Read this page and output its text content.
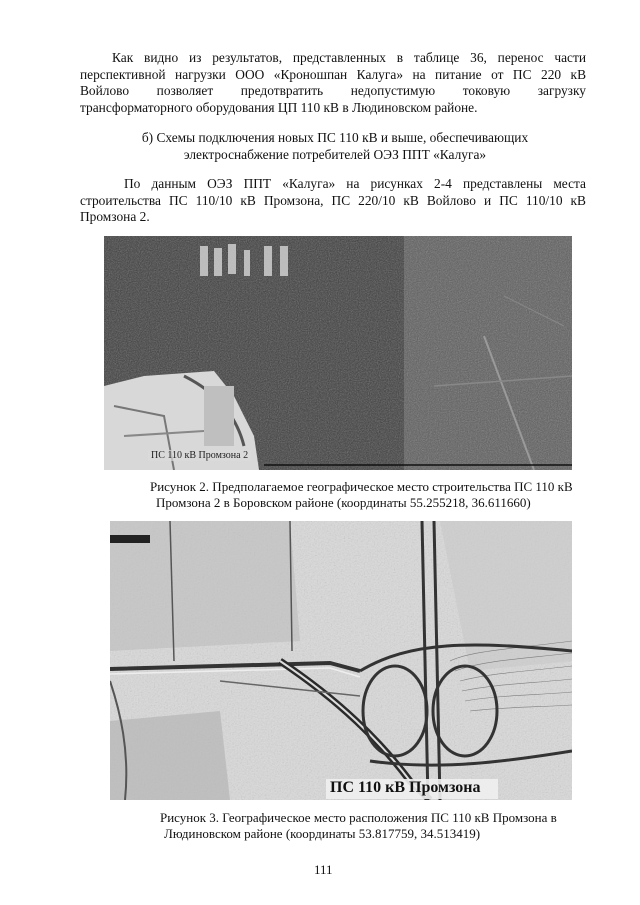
Как видно из результатов, представленных в таблице 36, перенос части
перспективной нагрузки ООО «Кроношпан Калуга» на питание от ПС 220 кВ
Войлово позволяет предотвратить недопустимую токовую загрузку
трансформаторного оборудования ЦП 110 кВ в Людиновском районе.
б) Схемы подключения новых ПС 110 кВ и выше, обеспечивающих
электроснабжение потребителей ОЭЗ ППТ «Калуга»
По данным ОЭЗ ППТ «Калуга» на рисунках 2-4 представлены места
строительства ПС 110/10 кВ Промзона, ПС 220/10 кВ Войлово и ПС 110/10 кВ
Промзона 2.
ПС 110 кВ Промзона 2
Рисунок 2. Предполагаемое географическое место строительства ПС 110 кВ
Промзона 2 в Боровском районе (координаты 55.255218, 36.611660)
ПС 110 кВ Промзона
Рисунок 3. Географическое место расположения ПС 110 кВ Промзона в
Людиновском районе (координаты 53.817759, 34.513419)
111
